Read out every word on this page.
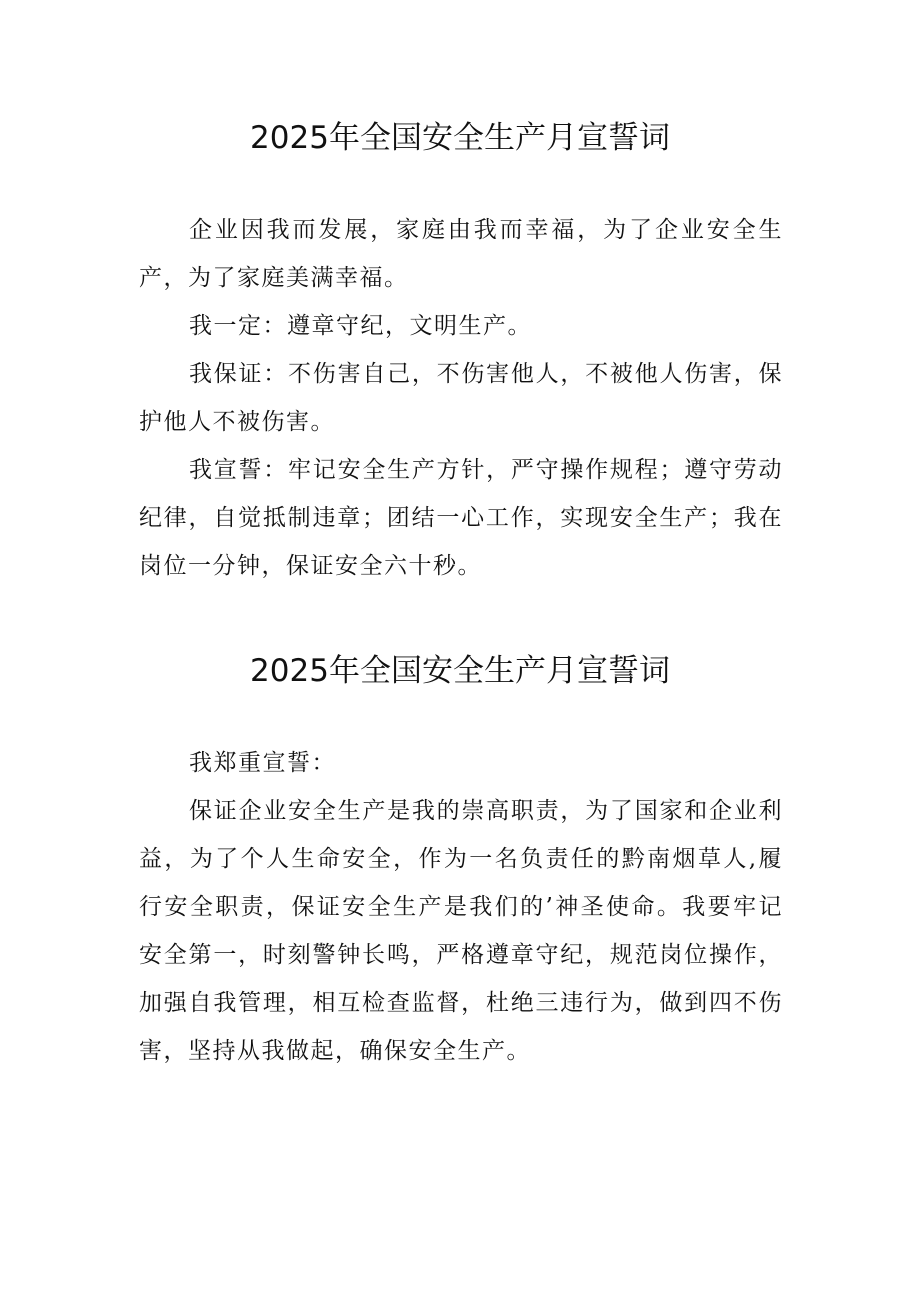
2025年全国安全生产月宣誓词

企业因我而发展，家庭由我而幸福，为了企业安全生产，为了家庭美满幸福。

我一定：遵章守纪，文明生产。

我保证：不伤害自己，不伤害他人，不被他人伤害，保护他人不被伤害。

我宣誓：牢记安全生产方针，严守操作规程；遵守劳动纪律，自觉抵制违章；团结一心工作，实现安全生产；我在岗位一分钟，保证安全六十秒。

2025年全国安全生产月宣誓词

我郑重宣誓：

保证企业安全生产是我的崇高职责，为了国家和企业利益，为了个人生命安全，作为一名负责任的黔南烟草人,履行安全职责，保证安全生产是我们的’神圣使命。我要牢记安全第一，时刻警钟长鸣，严格遵章守纪，规范岗位操作，加强自我管理，相互检查监督，杜绝三违行为，做到四不伤害，坚持从我做起，确保安全生产。
